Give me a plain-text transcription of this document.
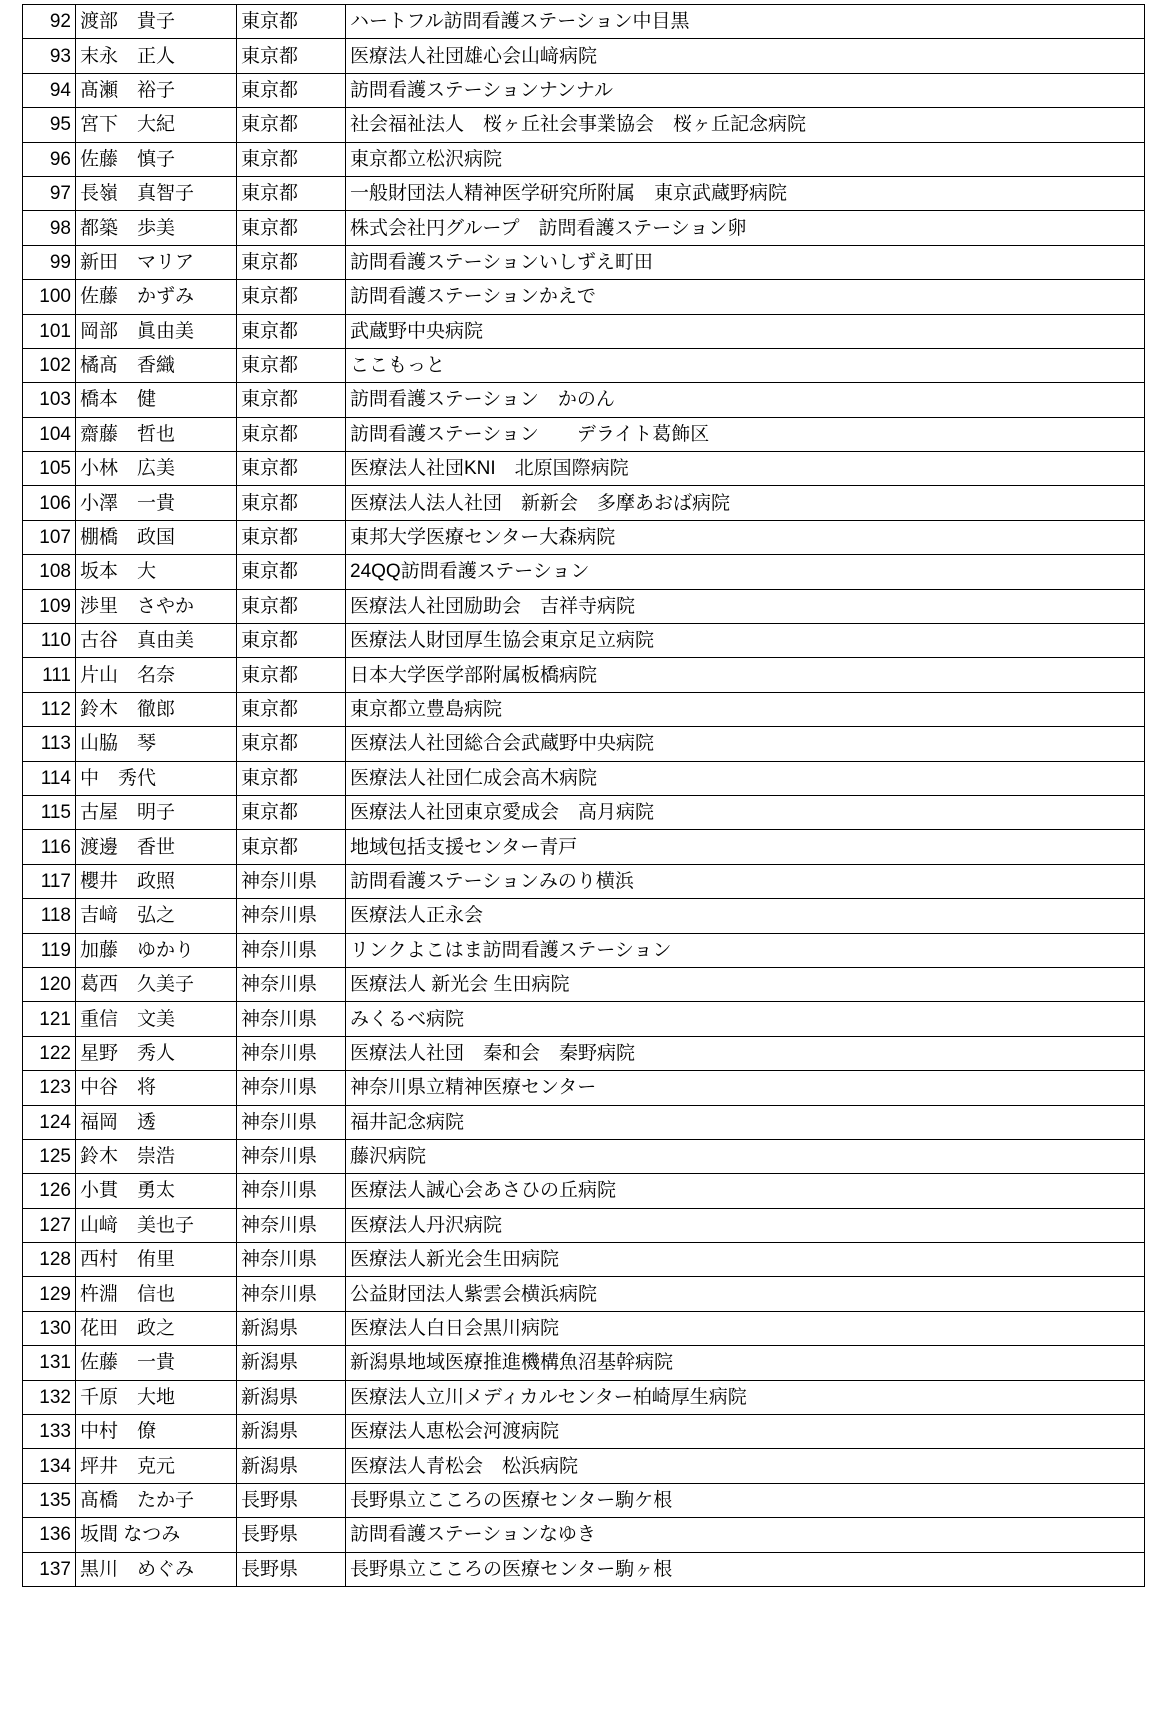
92	渡部　貴子	東京都	ハートフル訪問看護ステーション中目黒
93	末永　正人	東京都	医療法人社団雄心会山﨑病院
94	髙瀬　裕子	東京都	訪問看護ステーションナンナル
95	宮下　大紀	東京都	社会福祉法人　桜ヶ丘社会事業協会　桜ヶ丘記念病院
96	佐藤　慎子	東京都	東京都立松沢病院
97	長嶺　真智子	東京都	一般財団法人精神医学研究所附属　東京武蔵野病院
98	都築　歩美	東京都	株式会社円グループ　訪問看護ステーション卵
99	新田　マリア	東京都	訪問看護ステーションいしずえ町田
100	佐藤　かずみ	東京都	訪問看護ステーションかえで
101	岡部　眞由美	東京都	武蔵野中央病院
102	橘髙　香織	東京都	ここもっと
103	橋本　健	東京都	訪問看護ステーション　かのん
104	齋藤　哲也	東京都	訪問看護ステーション　　デライト葛飾区
105	小林　広美	東京都	医療法人社団KNI　北原国際病院
106	小澤　一貴	東京都	医療法人法人社団　新新会　多摩あおば病院
107	棚橋　政国	東京都	東邦大学医療センター大森病院
108	坂本　大	東京都	24QQ訪問看護ステーション
109	渉里　さやか	東京都	医療法人社団励助会　吉祥寺病院
110	古谷　真由美	東京都	医療法人財団厚生協会東京足立病院
111	片山　名奈	東京都	日本大学医学部附属板橋病院
112	鈴木　徹郎	東京都	東京都立豊島病院
113	山脇　琴	東京都	医療法人社団総合会武蔵野中央病院
114	中　秀代	東京都	医療法人社団仁成会高木病院
115	古屋　明子	東京都	医療法人社団東京愛成会　高月病院
116	渡邊　香世	東京都	地域包括支援センター青戸
117	櫻井　政照	神奈川県	訪問看護ステーションみのり横浜
118	吉﨑　弘之	神奈川県	医療法人正永会
119	加藤　ゆかり	神奈川県	リンクよこはま訪問看護ステーション
120	葛西　久美子	神奈川県	医療法人 新光会 生田病院
121	重信　文美	神奈川県	みくるべ病院
122	星野　秀人	神奈川県	医療法人社団　秦和会　秦野病院
123	中谷　将	神奈川県	神奈川県立精神医療センター
124	福岡　透	神奈川県	福井記念病院
125	鈴木　崇浩	神奈川県	藤沢病院
126	小貫　勇太	神奈川県	医療法人誠心会あさひの丘病院
127	山﨑　美也子	神奈川県	医療法人丹沢病院
128	西村　侑里	神奈川県	医療法人新光会生田病院
129	杵淵　信也	神奈川県	公益財団法人紫雲会横浜病院
130	花田　政之	新潟県	医療法人白日会黒川病院
131	佐藤　一貴	新潟県	新潟県地域医療推進機構魚沼基幹病院
132	千原　大地	新潟県	医療法人立川メディカルセンター柏崎厚生病院
133	中村　僚	新潟県	医療法人恵松会河渡病院
134	坪井　克元	新潟県	医療法人青松会　松浜病院
135	髙橋　たか子	長野県	長野県立こころの医療センター駒ケ根
136	坂間 なつみ	長野県	訪問看護ステーションなゆき
137	黒川　めぐみ	長野県	長野県立こころの医療センター駒ヶ根
